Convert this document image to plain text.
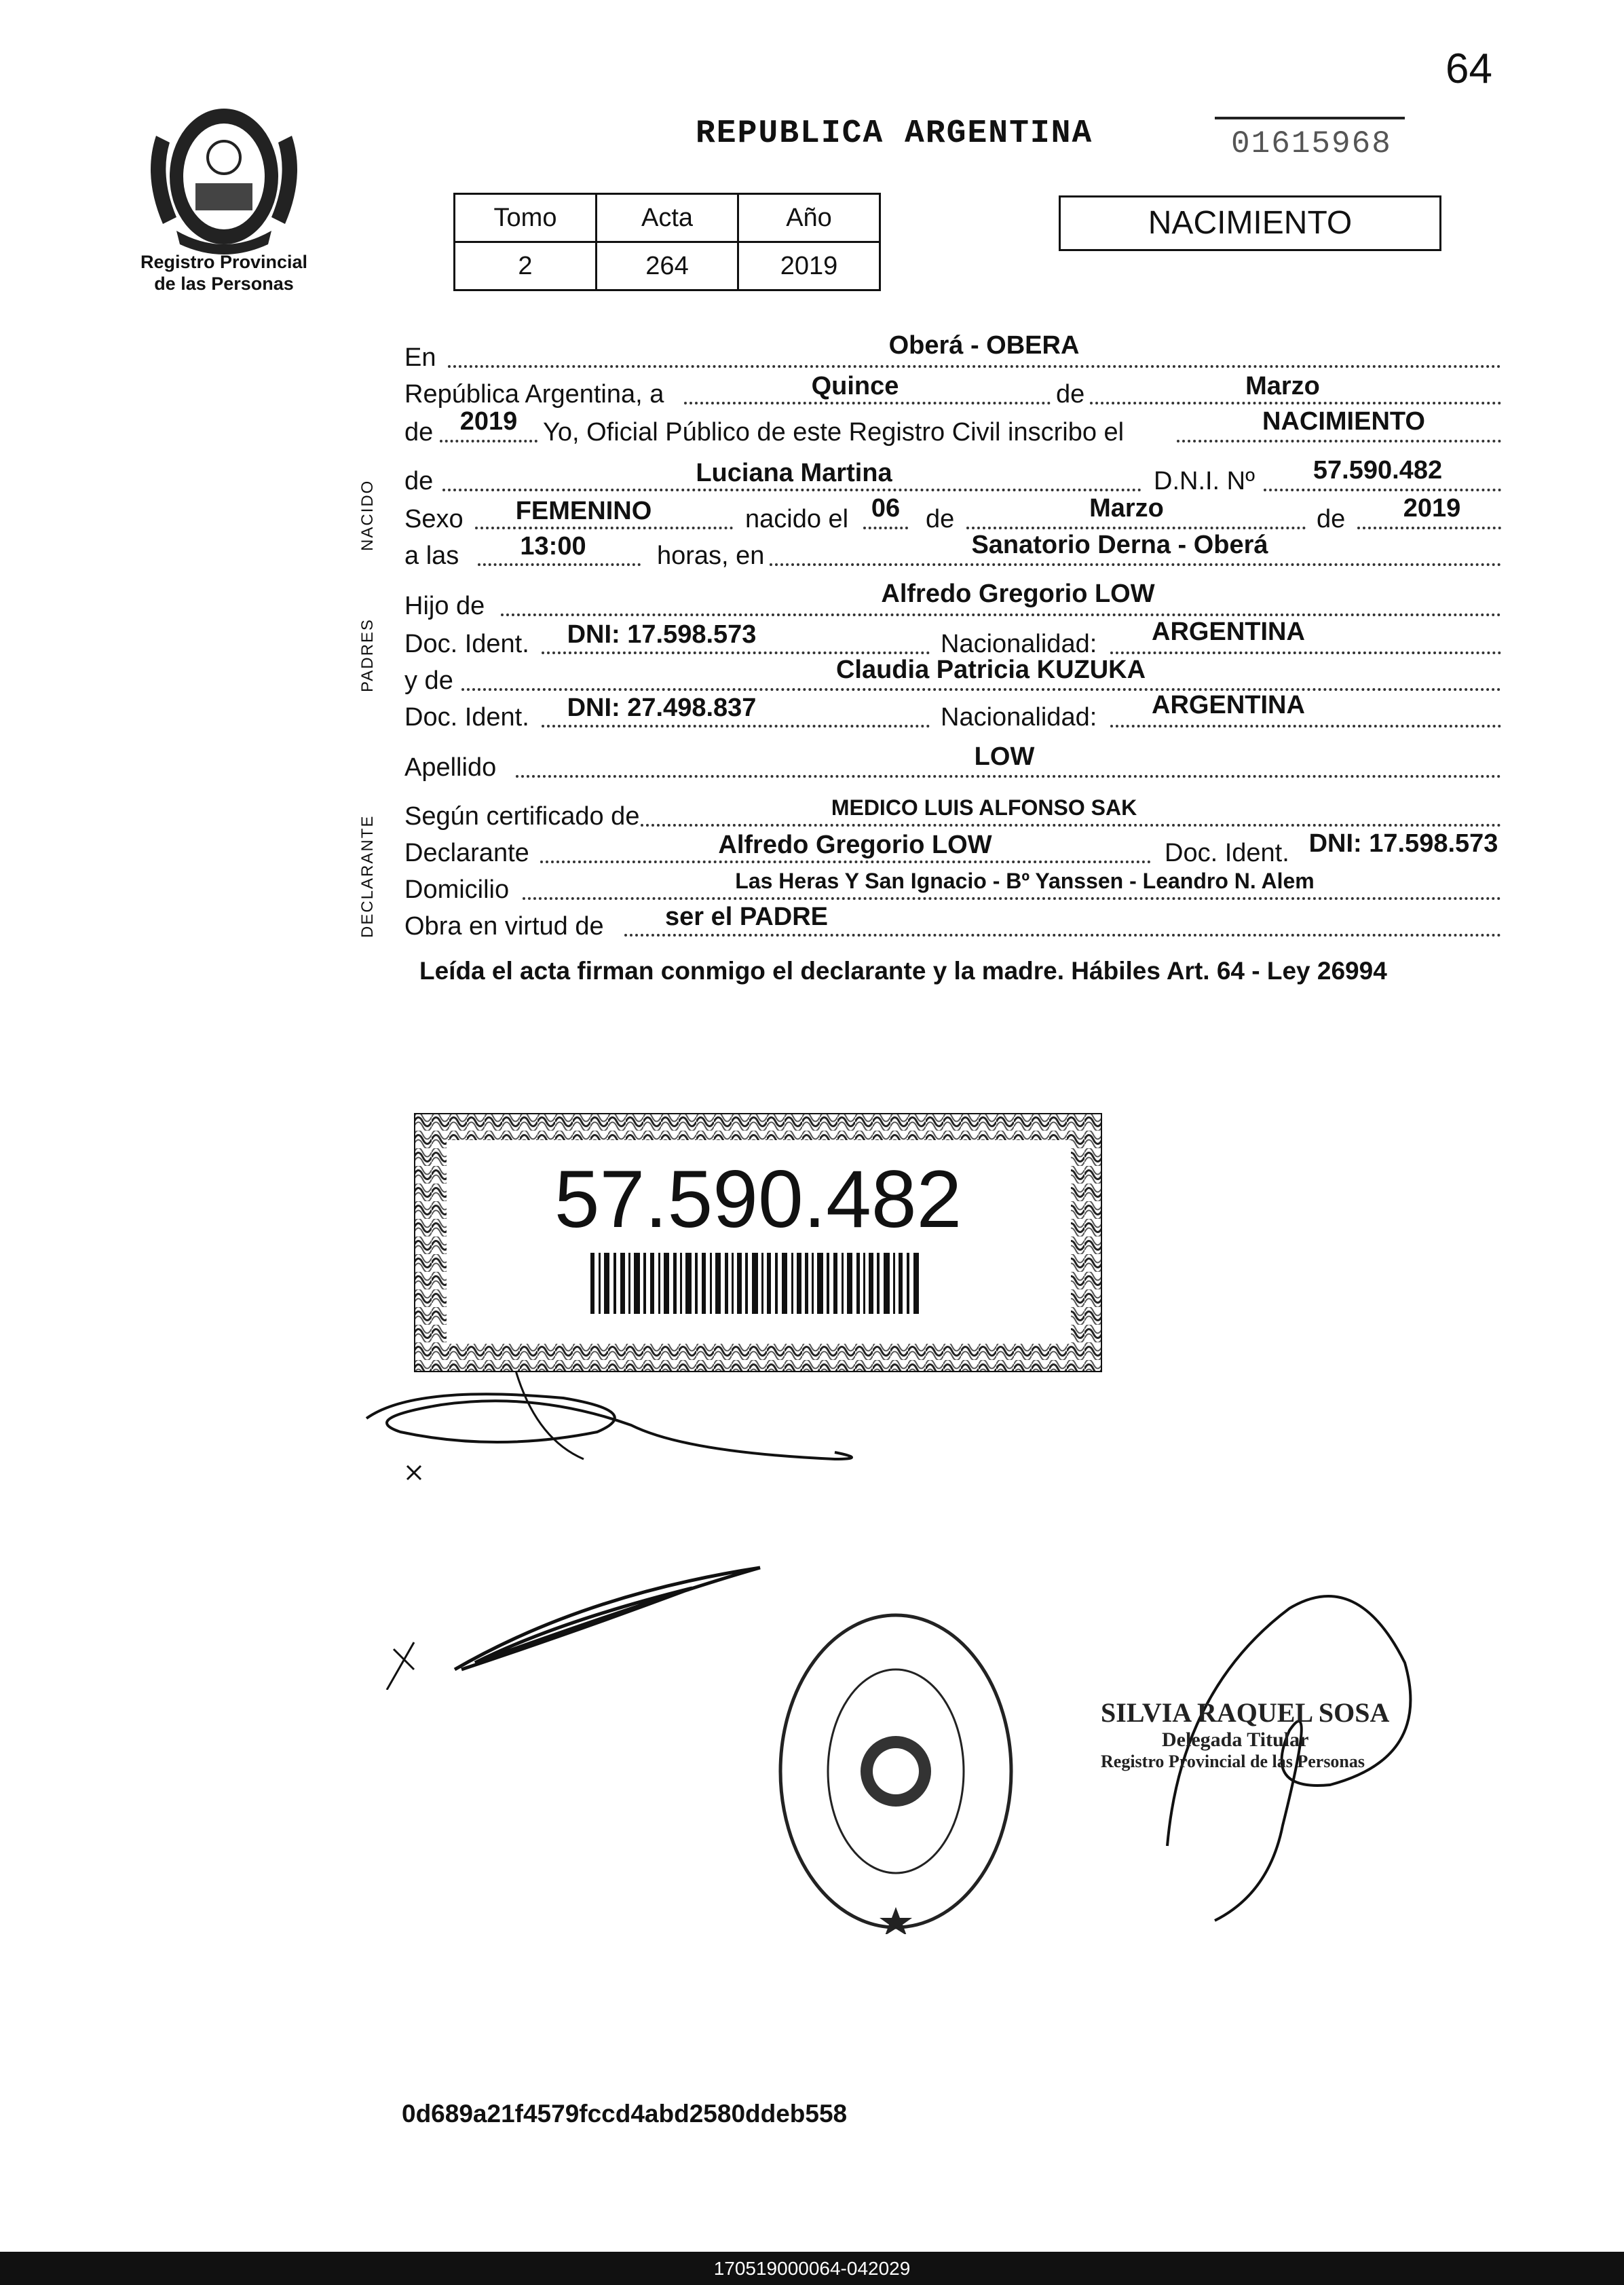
64
Registro Provincial
de las Personas
REPUBLICA ARGENTINA	01615968
Tomo	Acta	Año
2	264	2019
NACIMIENTO
NACIDO
PADRES
DECLARANTE
En	Oberá - OBERA
República Argentina, a	Quince	de	Marzo
de	2019 Yo, Oficial Público de este Registro Civil inscribo el	NACIMIENTO
de	Luciana Martina	D.N.I. Nº	57.590.482
Sexo	FEMENINO	nacido el 06 de	Marzo	de	2019
a las	13:00	horas, en	Sanatorio Derna - Oberá
Hijo de	Alfredo Gregorio LOW
Doc. Ident.	DNI: 17.598.573	Nacionalidad:	ARGENTINA
y de	Claudia Patricia KUZUKA
Doc. Ident.	DNI: 27.498.837	Nacionalidad:	ARGENTINA
Apellido	LOW
Según certificado de	MEDICO LUIS ALFONSO SAK
Declarante	Alfredo Gregorio LOW	Doc. Ident. DNI: 17.598.573
Domicilio	Las Heras Y San Ignacio - Bº Yanssen - Leandro N. Alem
Obra en virtud de	ser el PADRE
Leída el acta firman conmigo el declarante y la madre. Hábiles Art. 64 - Ley 26994
57.590.482
SILVIA RAQUEL SOSA
Delegada Titular
Registro Provincial de las Personas
0d689a21f4579fccd4abd2580ddeb558
170519000064-042029
